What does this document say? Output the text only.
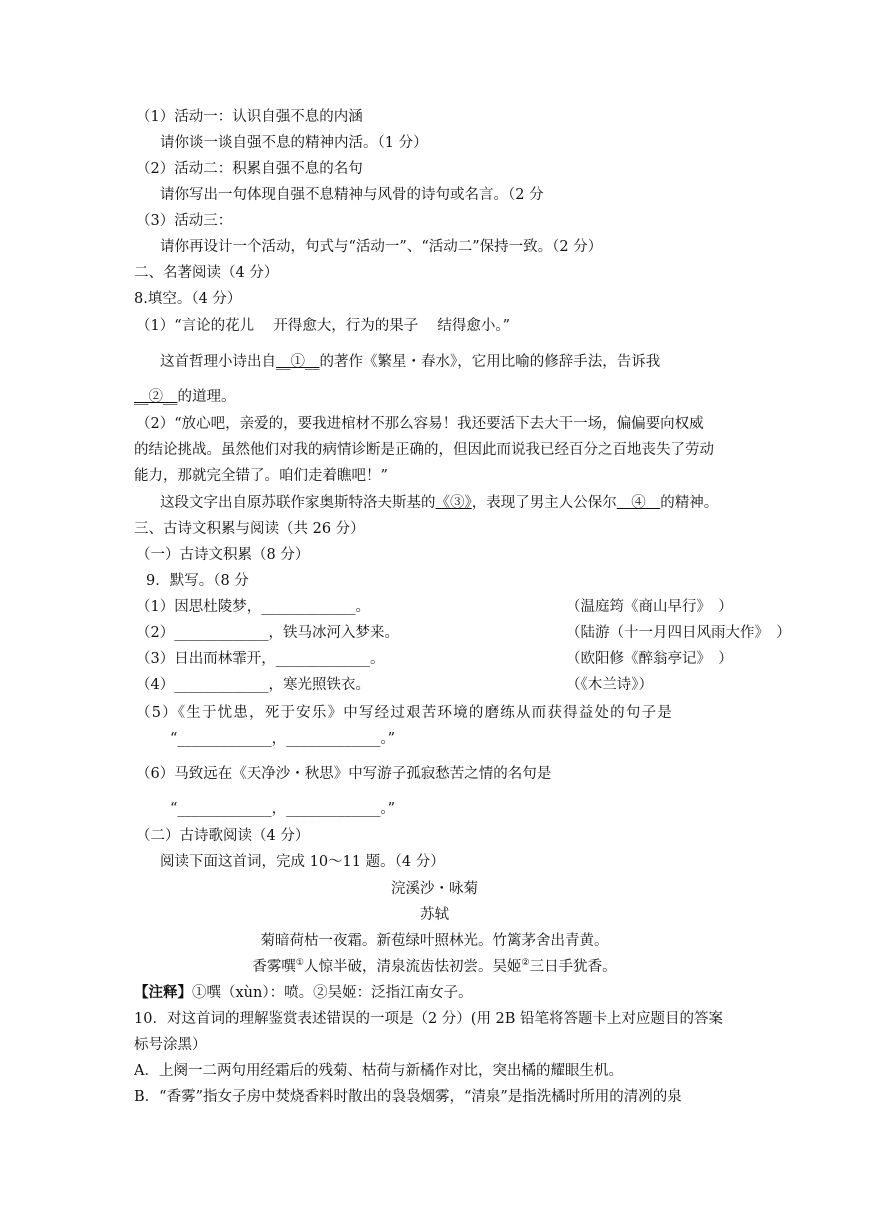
（1）活动一：认识自强不息的内涵
请你谈一谈自强不息的精神内活。（1 分）
（2）活动二：积累自强不息的名句
请你写出一句体现自强不息精神与风骨的诗句或名言。（2 分
（3）活动三：
请你再设计一个活动，句式与“活动一”、“活动二”保持一致。（2 分）
二、名著阅读（4 分）
8.填空。（4 分）
（1）“言论的花儿　 开得愈大，行为的果子　 结得愈小。”
这首哲理小诗出自__①__的著作《繁星・春水》，它用比喻的修辞手法，告诉我
__②__的道理。
（2）“放心吧，亲爱的，要我进棺材不那么容易！我还要活下去大干一场，偏偏要向权威
的结论挑战。虽然他们对我的病情诊断是正确的，但因此而说我已经百分之百地丧失了劳动
能力，那就完全错了。咱们走着瞧吧！”
这段文字出自原苏联作家奥斯特洛夫斯基的《③》，表现了男主人公保尔　④　的精神。
三、古诗文积累与阅读（共 26 分）
（一）古诗文积累（8 分）
9．默写。（8 分
（1）因思杜陵梦，_____________。	（温庭筠《商山早行》　）
（2）_____________，铁马冰河入梦来。	（陆游（十一月四日风雨大作》　）
（3）日出而林霏开，_____________。	（欧阳修《醉翁亭记》　）
（4）_____________，寒光照铁衣。	（《木兰诗》）
（5）《生于忧患，死于安乐》中写经过艰苦环境的磨练从而获得益处的句子是
“_____________，_____________。”
（6）马致远在《天净沙・秋思》中写游子孤寂愁苦之情的名句是
“_____________，_____________。”
（二）古诗歌阅读（4 分）
阅读下面这首词，完成 10～11 题。（4 分）
浣溪沙・咏菊
苏轼
菊暗荷枯一夜霜。新苞绿叶照林光。竹篱茅舍出青黄。
香雾噀①人惊半破，清泉流齿怯初尝。吴姬②三日手犹香。
【注释】①噀（xùn）：喷。②吴姬：泛指江南女子。
10．对这首词的理解鉴赏表述错误的一项是（2 分）(用 2B 铅笔将答题卡上对应题目的答案
标号涂黑）
A．上阕一二两句用经霜后的残菊、枯荷与新橘作对比，突出橘的耀眼生机。
B．“香雾”指女子房中焚烧香料时散出的袅袅烟雾，“清泉”是指洗橘时所用的清冽的泉
